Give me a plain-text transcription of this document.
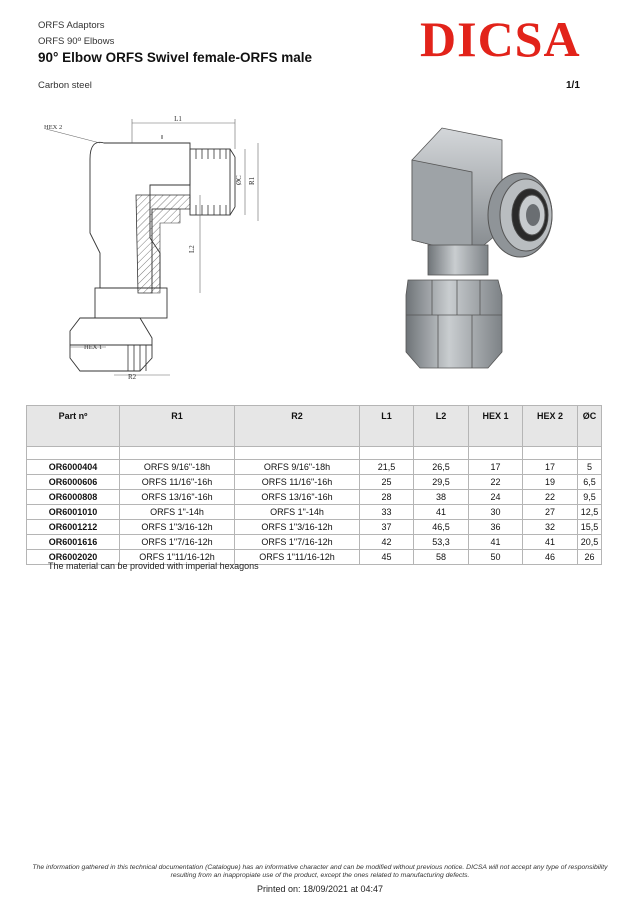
ORFS Adaptors
ORFS 90º Elbows
90° Elbow ORFS Swivel female-ORFS male DICSA
Carbon steel	1/1
L1
L2
ØC R1
R2
HEX 2
HEX 1
Part nº	R1	R2	L1	L2	HEX 1	HEX 2	ØC

OR6000404	ORFS 9/16"-18h	ORFS 9/16"-18h	21,5	26,5	17	17	5
OR6000606	ORFS 11/16"-16h	ORFS 11/16"-16h	25	29,5	22	19	6,5
OR6000808	ORFS 13/16"-16h	ORFS 13/16"-16h	28	38	24	22	9,5
OR6001010	ORFS 1"-14h	ORFS 1"-14h	33	41	30	27	12,5
OR6001212	ORFS 1"3/16-12h	ORFS 1"3/16-12h	37	46,5	36	32	15,5
OR6001616	ORFS 1"7/16-12h	ORFS 1"7/16-12h	42	53,3	41	41	20,5
OR6002020	ORFS 1"11/16-12h	ORFS 1"11/16-12h	45	58	50	46	26
The material can be provided with imperial hexagons
The information gathered in this technical documentation (Catalogue) has an informative character and can be modified without previous notice. DICSA will not accept any type of responsibility resulting from an inappropiate use of the product, except the ones related to manufacturing defects.
Printed on: 18/09/2021 at 04:47
